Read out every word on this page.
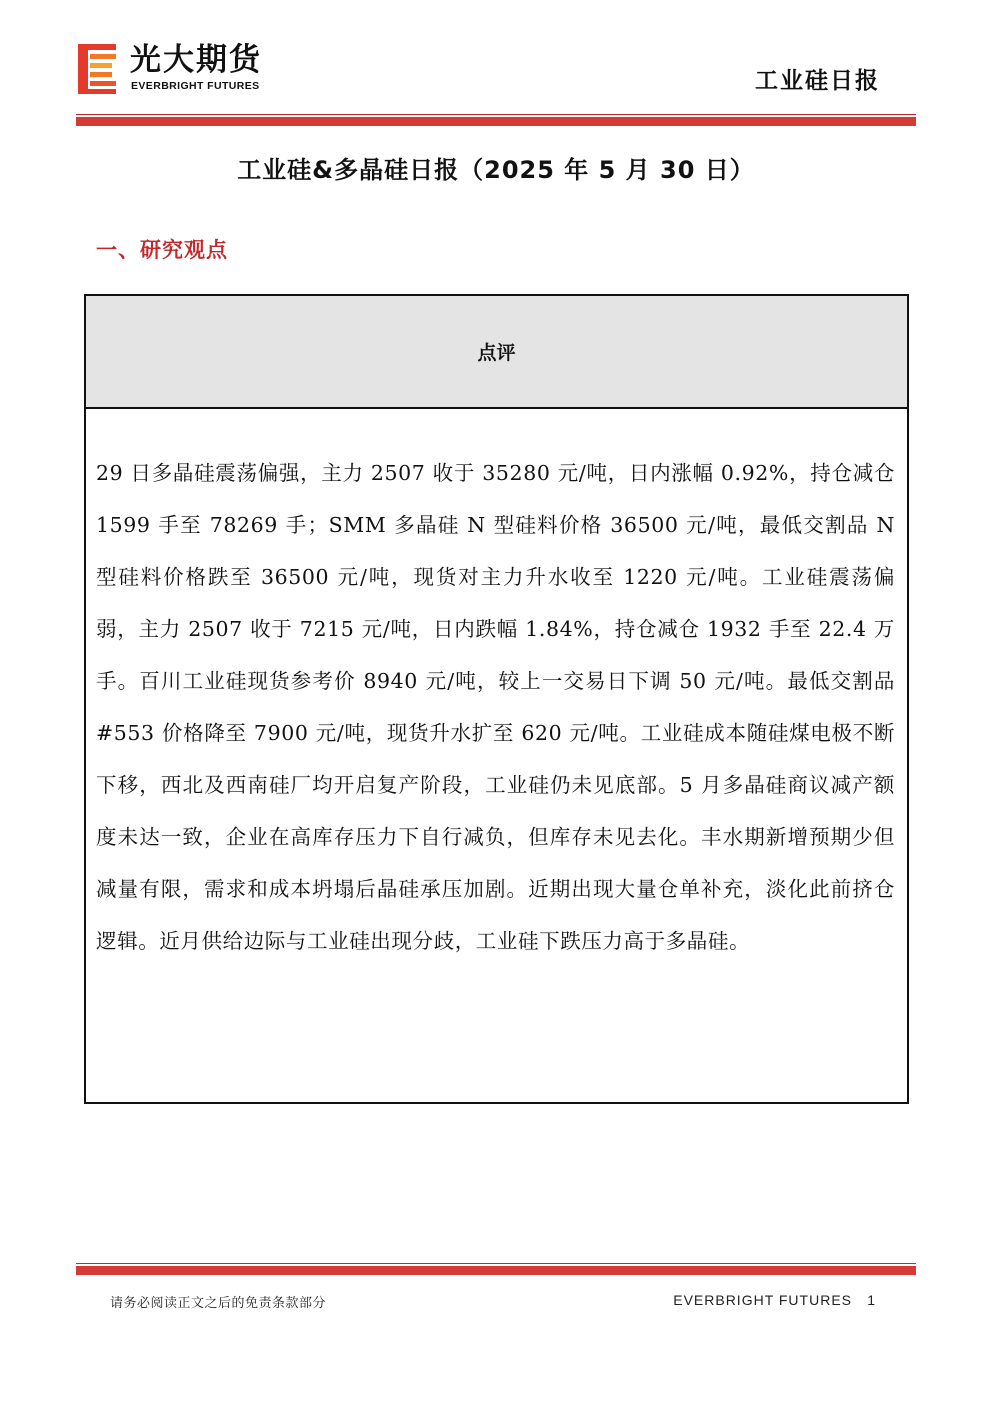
光大期货
EVERBRIGHT FUTURES	工业硅日报
工业硅&多晶硅日报（2025 年 5 月 30 日）
一、研究观点
点评
29 日多晶硅震荡偏强，主力 2507 收于 35280 元/吨，日内涨幅 0.92%，持仓减仓 1599 手至 78269 手；SMM 多晶硅 N 型硅料价格 36500 元/吨，最低交割品 N 型硅料价格跌至 36500 元/吨，现货对主力升水收至 1220 元/吨。工业硅震荡偏弱，主力 2507 收于 7215 元/吨，日内跌幅 1.84%，持仓减仓 1932 手至 22.4 万手。百川工业硅现货参考价 8940 元/吨，较上一交易日下调 50 元/吨。最低交割品#553 价格降至 7900 元/吨，现货升水扩至 620 元/吨。工业硅成本随硅煤电极不断下移，西北及西南硅厂均开启复产阶段，工业硅仍未见底部。5 月多晶硅商议减产额度未达一致，企业在高库存压力下自行减负，但库存未见去化。丰水期新增预期少但减量有限，需求和成本坍塌后晶硅承压加剧。近期出现大量仓单补充，淡化此前挤仓逻辑。近月供给边际与工业硅出现分歧，工业硅下跌压力高于多晶硅。
请务必阅读正文之后的免责条款部分	EVERBRIGHT FUTURES 1
